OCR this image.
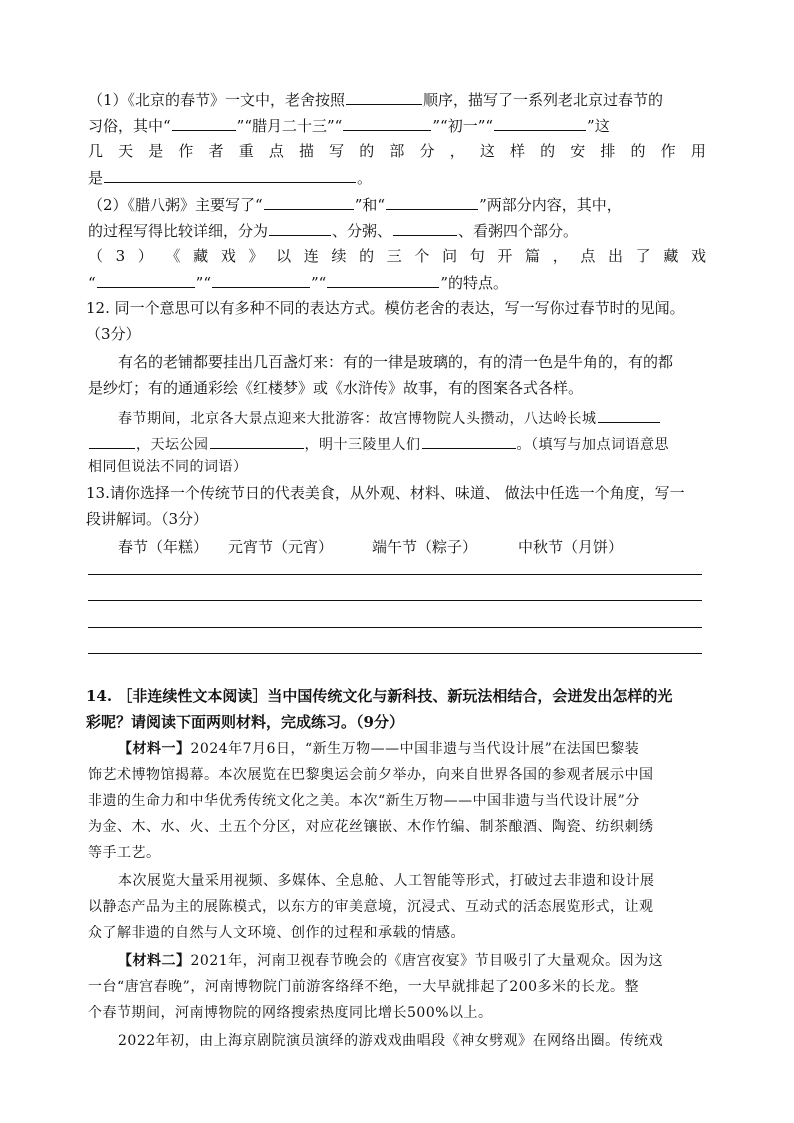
（1）《北京的春节》一文中，老舍按照	顺序，描写了一系列老北京过春节的
习俗，其中“	”“腊月二十三”“	”“初一”“	”这
几 天 是 作 者 重 点 描 写 的 部 分 ， 这 样 的 安 排 的 作 用
是	。
（2）《腊八粥》主要写了“	”和“	”两部分内容，其中，
的过程写得比较详细，分为	、分粥、	、看粥四个部分。
（ 3 ） 《 藏 戏 》 以 连 续 的 三 个 问 句 开 篇 ， 点 出 了 藏 戏
“	”“	”“	”的特点。
12. 同一个意思可以有多种不同的表达方式。模仿老舍的表达，写一写你过春节时的见闻。
（3分）
有名的老铺都要挂出几百盏灯来：有的一律是玻璃的，有的清一色是牛角的，有的都
是纱灯；有的通通彩绘《红楼梦》或《水浒传》故事，有的图案各式各样。
春节期间，北京各大景点迎来大批游客：故宫博物院人头攒动，八达岭长城
，天坛公园	，明十三陵里人们	。（填写与加点词语意思
相同但说法不同的词语）
13.请你选择一个传统节日的代表美食，从外观、材料、味道、 做法中任选一个角度，写一
段讲解词。（3分）
春节（年糕） 元宵节（元宵）	端午节（粽子）	中秋节（月饼）
14. ［非连续性文本阅读］当中国传统文化与新科技、新玩法相结合，会迸发出怎样的光
彩呢？请阅读下面两则材料，完成练习。（9分）
【材料一】2024年7月6日，“新生万物——中国非遗与当代设计展”在法国巴黎装
饰艺术博物馆揭幕。本次展览在巴黎奥运会前夕举办，向来自世界各国的参观者展示中国
非遗的生命力和中华优秀传统文化之美。本次“新生万物——中国非遗与当代设计展”分
为金、木、水、火、土五个分区，对应花丝镶嵌、木作竹编、制茶酿酒、陶瓷、纺织刺绣
等手工艺。
本次展览大量采用视频、多媒体、全息舱、人工智能等形式，打破过去非遗和设计展
以静态产品为主的展陈模式，以东方的审美意境，沉浸式、互动式的活态展览形式，让观
众了解非遗的自然与人文环境、创作的过程和承载的情感。
【材料二】2021年，河南卫视春节晚会的《唐宫夜宴》节目吸引了大量观众。因为这
一台“唐宫春晚”，河南博物院门前游客络绎不绝，一大早就排起了200多米的长龙。整
个春节期间，河南博物院的网络搜索热度同比增长500%以上。
2022年初，由上海京剧院演员演绎的游戏戏曲唱段《神女劈观》在网络出圈。传统戏
